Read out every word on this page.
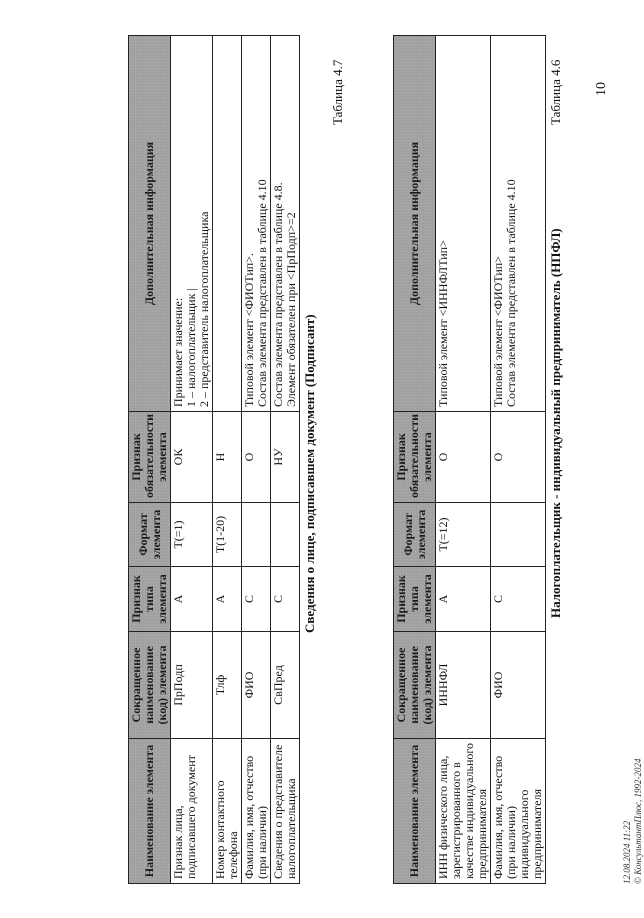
10
Таблица 4.6
Налогоплательщик - индивидуальный предприниматель (НПФЛ)
Наименование элемента	Сокращенное наименование (код) элемента	Признак типа элемента	Формат элемента	Признак обязательности элемента	Дополнительная информация
ИНН физического лица, зарегистрированного в качестве индивидуального предпринимателя	ИННФЛ	А	Т(=12)	О	Типовой элемент <ИННФЛТип>

Фамилия, имя, отчество (при наличии) индивидуального предпринимателя	ФИО	С		О	Типовой элемент <ФИОТип> Состав элемента представлен в таблице 4.10
Таблица 4.7
Сведения о лице, подписавшем документ (Подписант)
Наименование элемента	Сокращенное наименование (код) элемента	Признак типа элемента	Формат элемента	Признак обязательности элемента	Дополнительная информация
Признак лица, подписавшего документ	ПрПодп	А	Т(=1)	ОК	Принимает значение: 1 – налогоплательщик | 2 – представитель налогоплательщика

Номер контактного телефона	Тлф	А	Т(1-20)	Н	
Фамилия, имя, отчество (при наличии)	ФИО	С		О	Типовой элемент <ФИОТип>. Состав элемента представлен в таблице 4.10

Сведения о представителе налогоплательщика	СвПред	С		НУ	Состав элемента представлен в таблице 4.8. Элемент обязателен при <ПрПодп>=2
12.08.2024 11:22 © КонсультантПлюс, 1992-2024
